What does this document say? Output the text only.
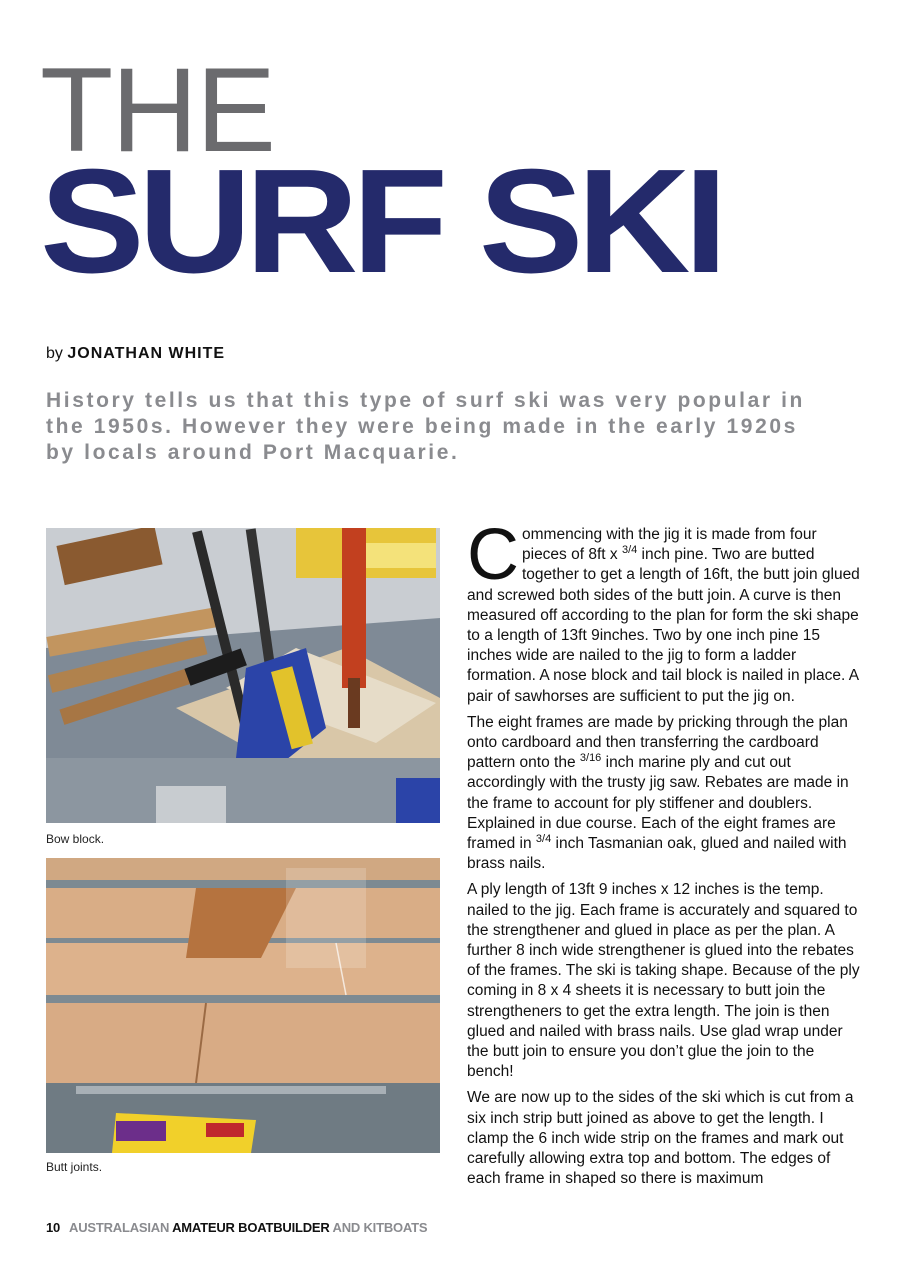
THE
SURF SKI
by JONATHAN WHITE

History tells us that this type of surf ski was very popular in the 1950s. However they were being made in the early 1920s by locals around Port Macquarie.

Bow block.
Butt joints.

Commencing with the jig it is made from four pieces of 8ft x $^{3/4}$ inch pine. Two are butted together to get a length of 16ft, the butt join glued and screwed both sides of the butt join. A curve is then measured off according to the plan for form the ski shape to a length of 13ft 9inches. Two by one inch pine 15 inches wide are nailed to the jig to form a ladder formation. A nose block and tail block is nailed in place. A pair of sawhorses are sufficient to put the jig on.

The eight frames are made by pricking through the plan onto cardboard and then transferring the cardboard pattern onto the $^{3/16}$ inch marine ply and cut out accordingly with the trusty jig saw. Rebates are made in the frame to account for ply stiffener and doublers. Explained in due course. Each of the eight frames are framed in $^{3/4}$ inch Tasmanian oak, glued and nailed with brass nails.

A ply length of 13ft 9 inches x 12 inches is the temp. nailed to the jig. Each frame is accurately and squared to the strengthener and glued in place as per the plan. A further 8 inch wide strengthener is glued into the rebates of the frames. The ski is taking shape. Because of the ply coming in 8 x 4 sheets it is necessary to butt join the strengtheners to get the extra length. The join is then glued and nailed with brass nails. Use glad wrap under the butt join to ensure you don’t glue the join to the bench!

We are now up to the sides of the ski which is cut from a six inch strip butt joined as above to get the length. I clamp the 6 inch wide strip on the frames and mark out carefully allowing extra top and bottom. The edges of each frame in shaped so there is maximum

10 AUSTRALASIAN AMATEUR BOATBUILDER AND KITBOATS
